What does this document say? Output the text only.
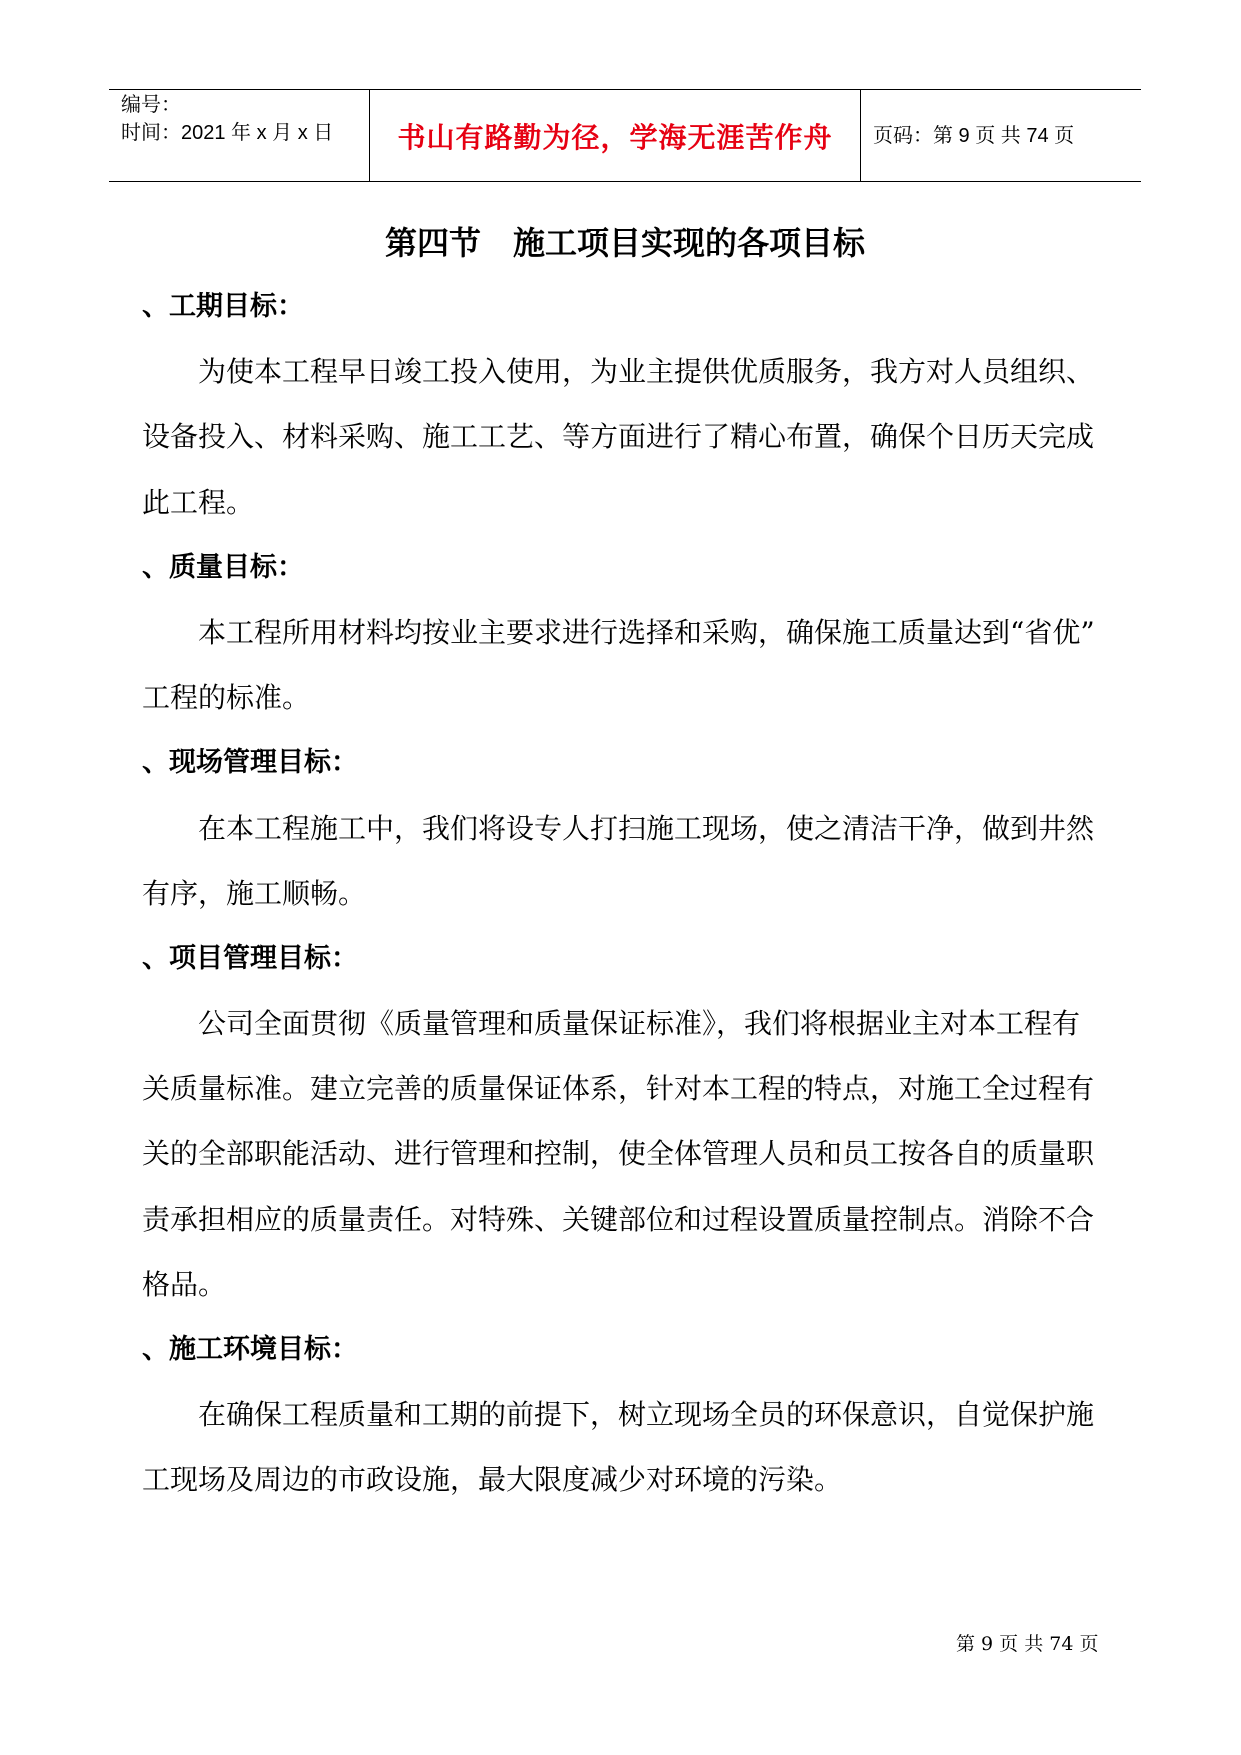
编号：
时间：2021 年 x 月 x 日 书山有路勤为径，学海无涯苦作舟 页码：第 9 页 共 74 页
第四节　施工项目实现的各项目标
、工期目标：
为使本工程早日竣工投入使用，为业主提供优质服务，我方对人员组织、
设备投入、材料采购、施工工艺、等方面进行了精心布置，确保个日历天完成
此工程。
、质量目标：
本工程所用材料均按业主要求进行选择和采购，确保施工质量达到“省优”
工程的标准。
、现场管理目标：
在本工程施工中，我们将设专人打扫施工现场，使之清洁干净，做到井然
有序，施工顺畅。
、项目管理目标：
公司全面贯彻《质量管理和质量保证标准》，我们将根据业主对本工程有
关质量标准。建立完善的质量保证体系，针对本工程的特点，对施工全过程有
关的全部职能活动、进行管理和控制，使全体管理人员和员工按各自的质量职
责承担相应的质量责任。对特殊、关键部位和过程设置质量控制点。消除不合
格品。
、施工环境目标：
在确保工程质量和工期的前提下，树立现场全员的环保意识，自觉保护施
工现场及周边的市政设施，最大限度减少对环境的污染。
第 9 页 共 74 页
